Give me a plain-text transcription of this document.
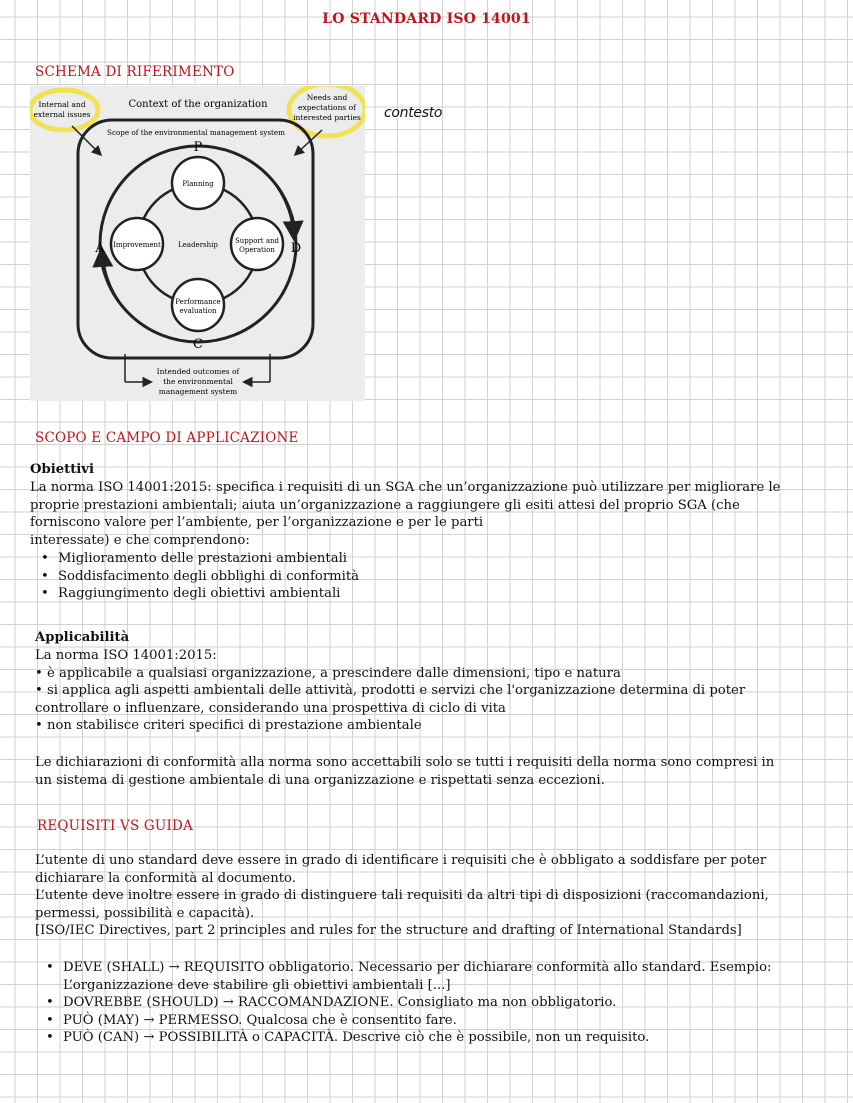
LO STANDARD ISO 14001
SCHEMA DI RIFERIMENTO
Internal and
external issues
Context of the organization
Needs and
expectations of
interested parties
Scope of the environmental management system
P
D
C
A
Planning
Support and
Operation
Performance
evaluation
Improvement Leadership
Intended outcomes of
the environmental
management system
contesto
SCOPO E CAMPO DI APPLICAZIONE
Obiettivi
La norma ISO 14001:2015: specifica i requisiti di un SGA che un’organizzazione può utilizzare per migliorare le
proprie prestazioni ambientali; aiuta un’organizzazione a raggiungere gli esiti attesi del proprio SGA (che
forniscono valore per l’ambiente, per l’organizzazione e per le parti
interessate) e che comprendono:
• Miglioramento delle prestazioni ambientali
• Soddisfacimento degli obblighi di conformità
• Raggiungimento degli obiettivi ambientali
Applicabilità
La norma ISO 14001:2015:
• è applicabile a qualsiasi organizzazione, a prescindere dalle dimensioni, tipo e natura
• si applica agli aspetti ambientali delle attività, prodotti e servizi che l'organizzazione determina di poter
controllare o influenzare, considerando una prospettiva di ciclo di vita
• non stabilisce criteri specifici di prestazione ambientale
Le dichiarazioni di conformità alla norma sono accettabili solo se tutti i requisiti della norma sono compresi in
un sistema di gestione ambientale di una organizzazione e rispettati senza eccezioni.
REQUISITI VS GUIDA
L’utente di uno standard deve essere in grado di identificare i requisiti che è obbligato a soddisfare per poter
dichiarare la conformità al documento.
L’utente deve inoltre essere in grado di distinguere tali requisiti da altri tipi di disposizioni (raccomandazioni,
permessi, possibilità e capacità).
[ISO/IEC Directives, part 2 principles and rules for the structure and drafting of International Standards]
• DEVE (SHALL) → REQUISITO obbligatorio. Necessario per dichiarare conformità allo standard. Esempio:
L’organizzazione deve stabilire gli obiettivi ambientali [...]
• DOVREBBE (SHOULD) → RACCOMANDAZIONE. Consigliato ma non obbligatorio.
• PUÒ (MAY) → PERMESSO. Qualcosa che è consentito fare.
• PUÒ (CAN) → POSSIBILITÀ o CAPACITÀ. Descrive ciò che è possibile, non un requisito.
